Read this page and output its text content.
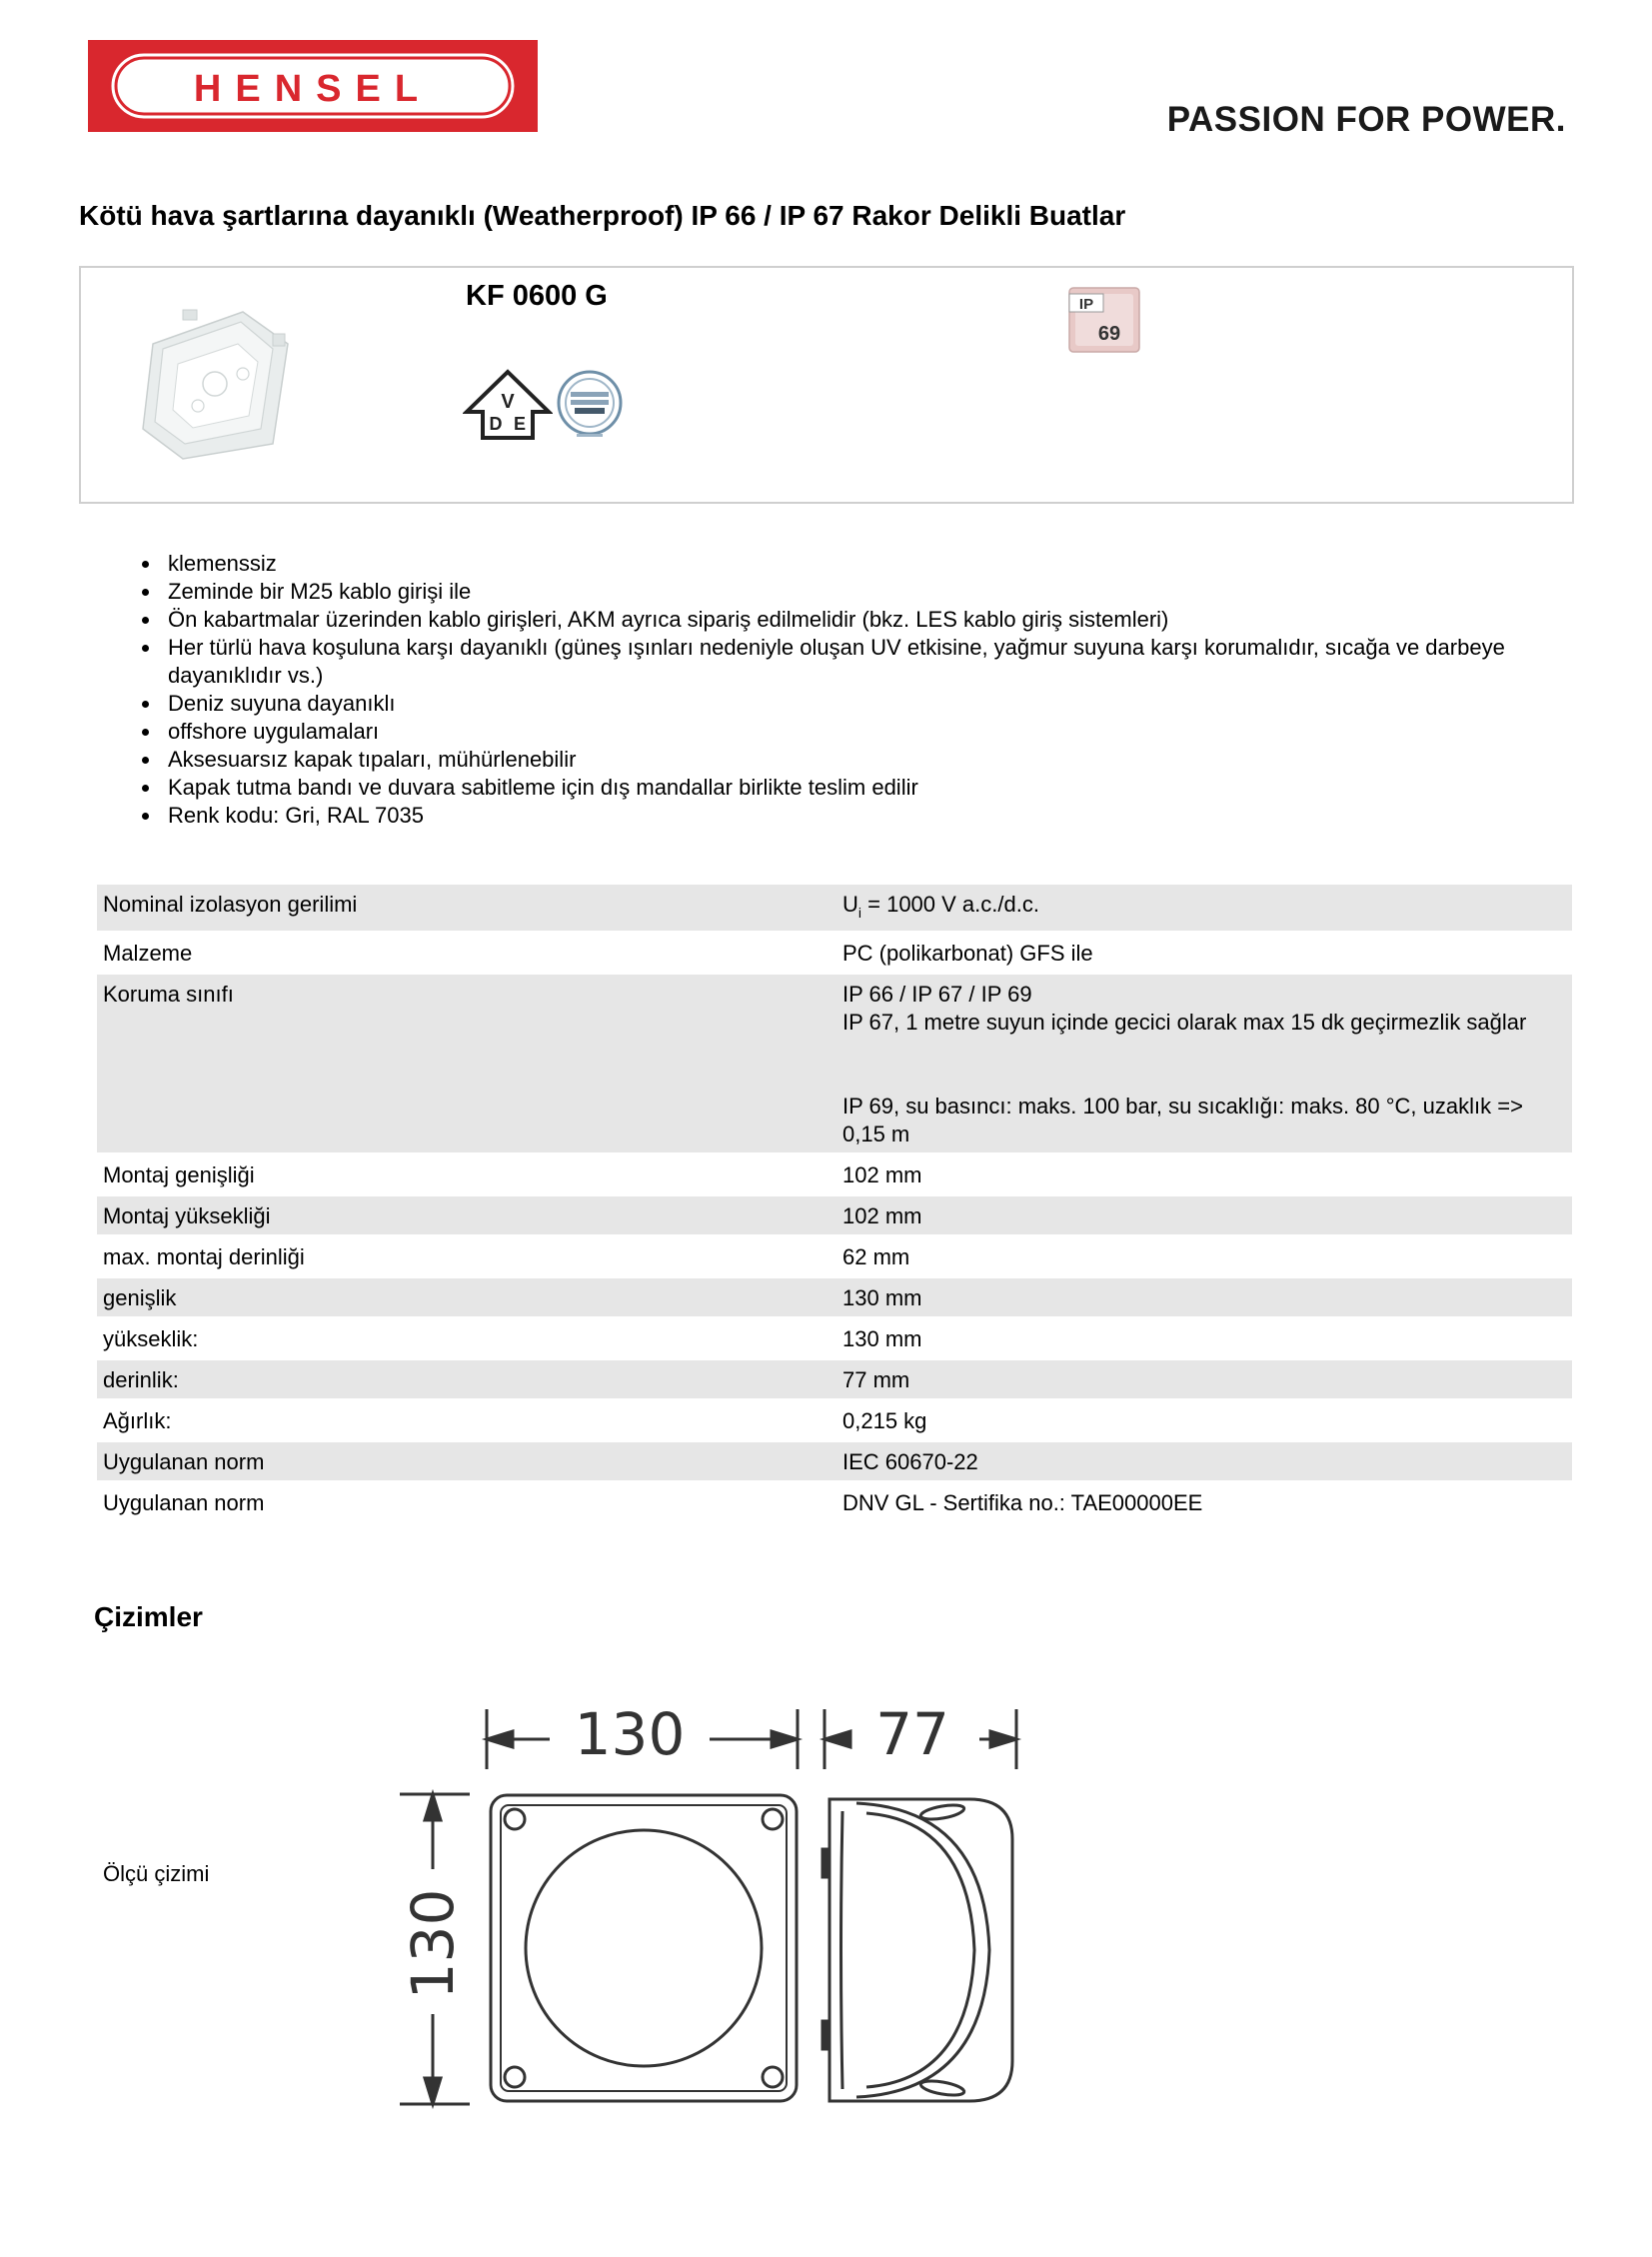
HENSEL
PASSION FOR POWER.
Kötü hava şartlarına dayanıklı (Weatherproof) IP 66 / IP 67 Rakor Delikli Buatlar
KF 0600 G
V
D E
IP
69
klemenssiz
Zeminde bir M25 kablo girişi ile
Ön kabartmalar üzerinden kablo girişleri, AKM ayrıca sipariş edilmelidir (bkz. LES kablo giriş sistemleri)
Her türlü hava koşuluna karşı dayanıklı (güneş ışınları nedeniyle oluşan UV etkisine, yağmur suyuna karşı korumalıdır, sıcağa ve darbeye dayanıklıdır vs.)
Deniz suyuna dayanıklı
offshore uygulamaları
Aksesuarsız kapak tıpaları, mühürlenebilir
Kapak tutma bandı ve duvara sabitleme için dış mandallar birlikte teslim edilir
Renk kodu: Gri, RAL 7035
Nominal izolasyon gerilimi	$U_i = 1000$ V a.c./d.c.
Malzeme	PC (polikarbonat) GFS ile
Koruma sınıfı	IP 66 / IP 67 / IP 69
IP 67, 1 metre suyun içinde gecici olarak max 15 dk geçirmezlik sağlar
IP 69, su basıncı: maks. 100 bar, su sıcaklığı: maks. 80 °C, uzaklık => 0,15 m

Montaj genişliği	102 mm
Montaj yüksekliği	102 mm
max. montaj derinliği	62 mm
genişlik	130 mm
yükseklik:	130 mm
derinlik:	77 mm
Ağırlık:	0,215 kg
Uygulanan norm	IEC 60670-22
Uygulanan norm	DNV GL - Sertifika no.: TAE00000EE
Çizimler
Ölçü çizimi
130	77
130
